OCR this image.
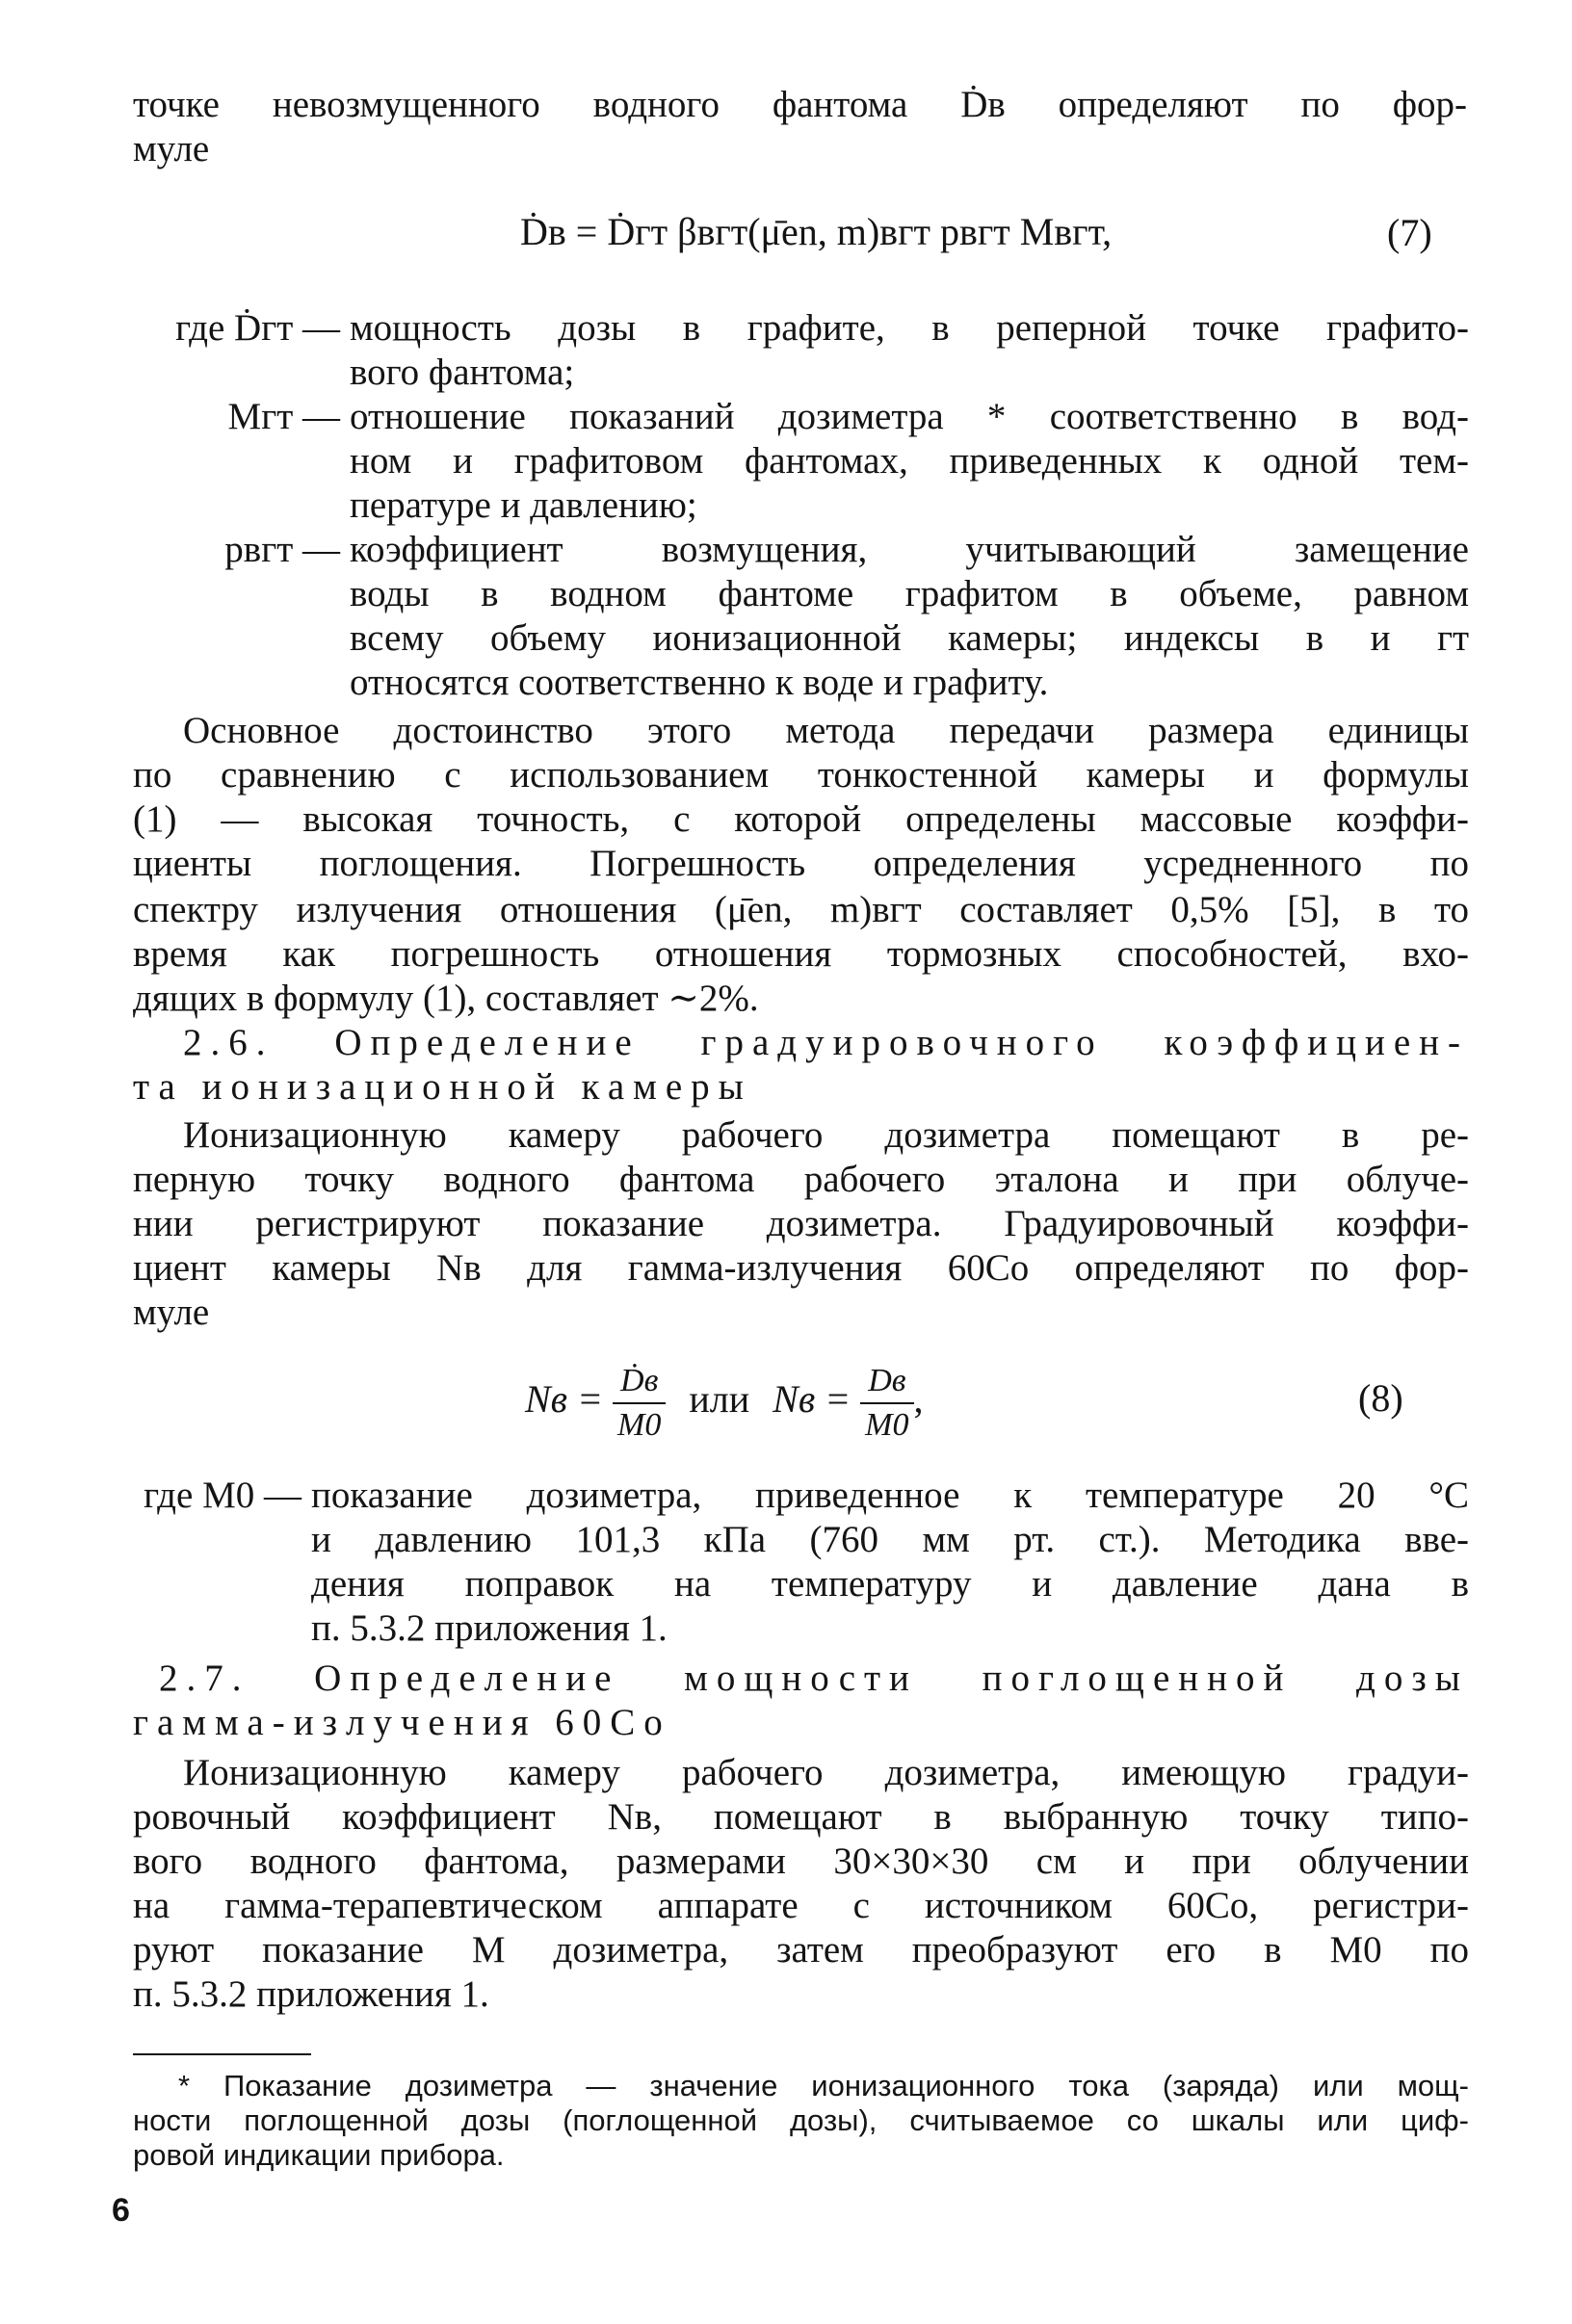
точке невозмущенного водного фантома Ḋв определяют по фор-
муле
Ḋв = Ḋгт βвгт(μ̄en, m)вгт pвгт Mвгт,	(7)
где Ḋгт — мощность дозы в графите, в реперной точке графито-
вого фантома;
Mгт — отношение показаний дозиметра * соответственно в вод-
ном и графитовом фантомах, приведенных к одной тем-
пературе и давлению;
pвгт — коэффициент возмущения, учитывающий замещение
воды в водном фантоме графитом в объеме, равном
всему объему ионизационной камеры; индексы в и гт
относятся соответственно к воде и графиту.
Основное достоинство этого метода передачи размера единицы
по сравнению с использованием тонкостенной камеры и формулы
(1) — высокая точность, с которой определены массовые коэффи-
циенты поглощения. Погрешность определения усредненного по
спектру излучения отношения (μ̄en, m)вгт составляет 0,5% [5], в то
время как погрешность отношения тормозных способностей, вхо-
дящих в формулу (1), составляет ∼2%.
2.6. Определение градуировочного коэффициен-
та ионизационной камеры
Ионизационную камеру рабочего дозиметра помещают в ре-
перную точку водного фантома рабочего эталона и при облуче-
нии регистрируют показание дозиметра. Градуировочный коэффи-
циент камеры Nв для гамма-излучения 60Co определяют по фор-
муле
Nв = $\frac{\text{Ḋв}}{M0}$ или Nв = $\frac{Dв}{M0}$ ,	(8)
где M0 — показание дозиметра, приведенное к температуре 20 °C
и давлению 101,3 кПа (760 мм рт. ст.). Методика вве-
дения поправок на температуру и давление дана в
п. 5.3.2 приложения 1.
2.7. Определение мощности поглощенной дозы
гамма-излучения 60Co
Ионизационную камеру рабочего дозиметра, имеющую градуи-
ровочный коэффициент Nв, помещают в выбранную точку типо-
вого водного фантома, размерами 30×30×30 см и при облучении
на гамма-терапевтическом аппарате с источником 60Co, регистри-
руют показание M дозиметра, затем преобразуют его в M0 по
п. 5.3.2 приложения 1.
* Показание дозиметра — значение ионизационного тока (заряда) или мощ-
ности поглощенной дозы (поглощенной дозы), считываемое со шкалы или циф-
ровой индикации прибора.
6
